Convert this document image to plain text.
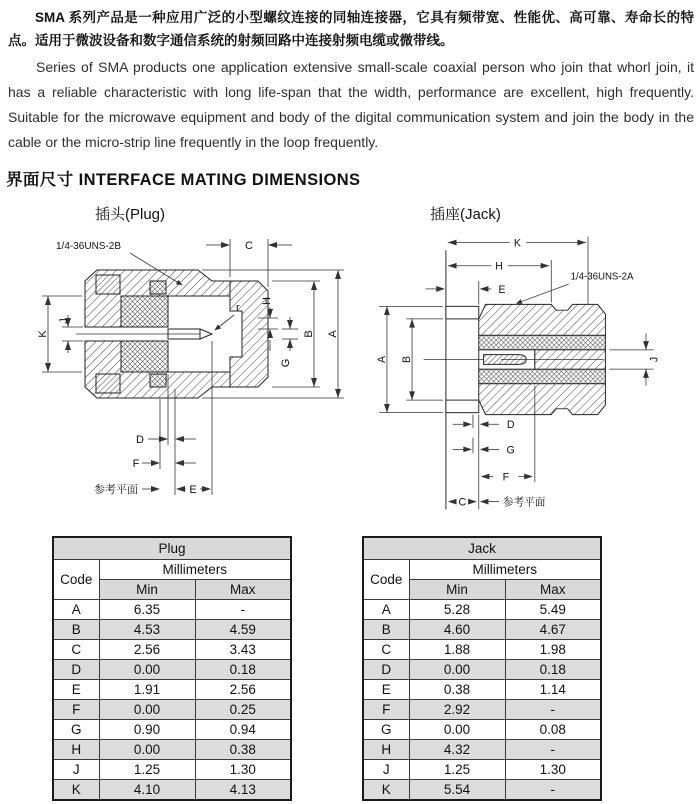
SMA 系列产品是一种应用广泛的小型螺纹连接的同轴连接器，它具有频带宽、性能优、高可靠、寿命长的特点。适用于微波设备和数字通信系统的射频回路中连接射频电缆或微带线。

Series of SMA products one application extensive small-scale coaxial person who join that whorl join, it has a reliable characteristic with long life-span that the width, performance are excellent, high frequently. Suitable for the microwave equipment and body of the digital communication system and join the body in the cable or the micro-strip line frequently in the loop frequently.

界面尺寸 INTERFACE MATING DIMENSIONS
插头(Plug)
C
1/4-36UNS-2B
r
A
B
H
G
K
J
D
F
E
参考平面
插座(Jack)
K
H
E
1/4-36UNS-2A
A B	J
D
G
F
C	参考平面
Plug		
Code	Millimeters	
	Min	Max
A	6.35	-
B	4.53	4.59
C	2.56	3.43
D	0.00	0.18
E	1.91	2.56
F	0.00	0.25
G	0.90	0.94
H	0.00	0.38
J	1.25	1.30
K	4.10	4.13
Jack		
Code	Millimeters	
	Min	Max
A	5.28	5.49
B	4.60	4.67
C	1.88	1.98
D	0.00	0.18
E	0.38	1.14
F	2.92	-
G	0.00	0.08
H	4.32	-
J	1.25	1.30
K	5.54	-
